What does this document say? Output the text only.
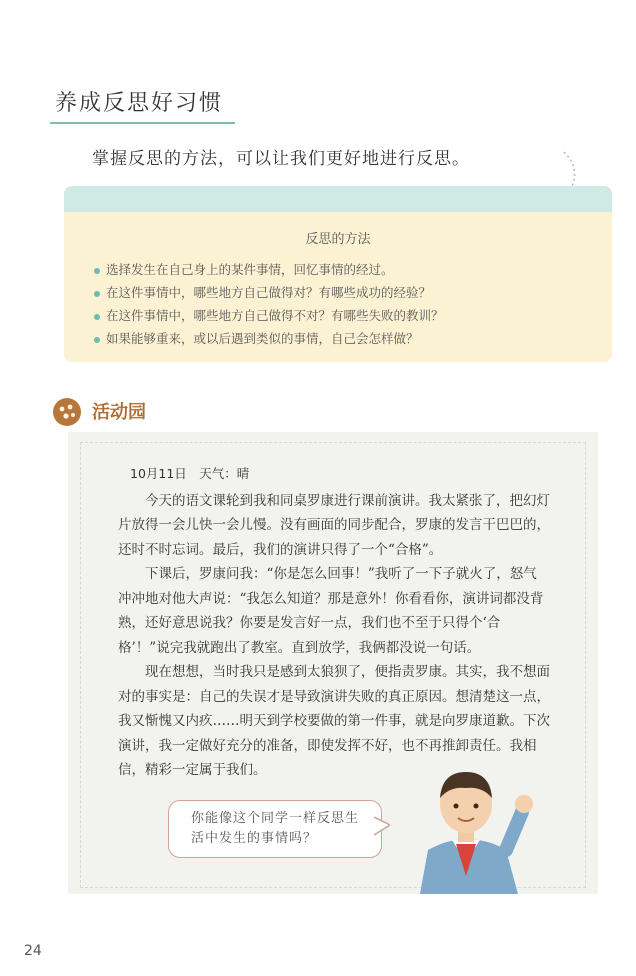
养成反思好习惯
掌握反思的方法，可以让我们更好地进行反思。
反思的方法
选择发生在自己身上的某件事情，回忆事情的经过。
在这件事情中，哪些地方自己做得对？有哪些成功的经验？
在这件事情中，哪些地方自己做得不对？有哪些失败的教训？
如果能够重来，或以后遇到类似的事情，自己会怎样做？
活动园

10月11日　天气：晴

今天的语文课轮到我和同桌罗康进行课前演讲。我太紧张了，把幻灯片放得一会儿快一会儿慢。没有画面的同步配合，罗康的发言干巴巴的，还时不时忘词。最后，我们的演讲只得了一个“合格”。

下课后，罗康问我：“你是怎么回事！”我听了一下子就火了，怒气冲冲地对他大声说：“我怎么知道？那是意外！你看看你，演讲词都没背熟，还好意思说我？你要是发言好一点，我们也不至于只得个‘合格’！”说完我就跑出了教室。直到放学，我俩都没说一句话。

现在想想，当时我只是感到太狼狈了，便指责罗康。其实，我不想面对的事实是：自己的失误才是导致演讲失败的真正原因。想清楚这一点，我又惭愧又内疚……明天到学校要做的第一件事，就是向罗康道歉。下次演讲，我一定做好充分的准备，即使发挥不好，也不再推卸责任。我相信，精彩一定属于我们。

你能像这个同学一样反思生活中发生的事情吗？
24
